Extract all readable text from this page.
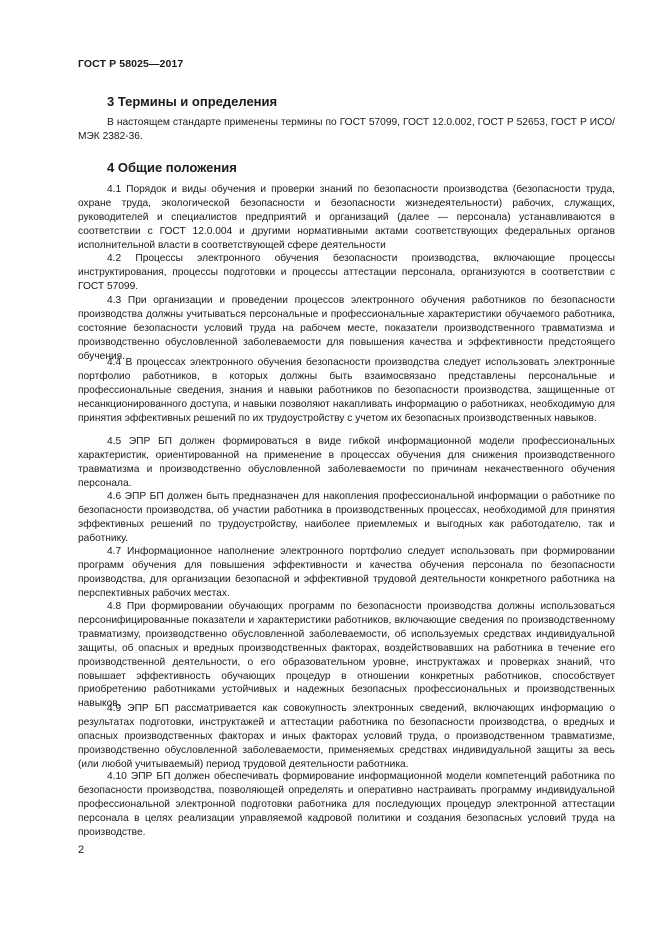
ГОСТ Р 58025—2017
3 Термины и определения
В настоящем стандарте применены термины по ГОСТ 57099, ГОСТ 12.0.002, ГОСТ Р 52653, ГОСТ Р ИСО/МЭК 2382-36.
4 Общие положения
4.1 Порядок и виды обучения и проверки знаний по безопасности производства (безопасности труда, охране труда, экологической безопасности и безопасности жизнедеятельности) рабочих, служащих, руководителей и специалистов предприятий и организаций (далее — персонала) устанавливаются в соответствии с ГОСТ 12.0.004 и другими нормативными актами соответствующих федеральных органов исполнительной власти в соответствующей сфере деятельности
4.2 Процессы электронного обучения безопасности производства, включающие процессы инструктирования, процессы подготовки и процессы аттестации персонала, организуются в соответствии с ГОСТ 57099.
4.3 При организации и проведении процессов электронного обучения работников по безопасности производства должны учитываться персональные и профессиональные характеристики обучаемого работника, состояние безопасности условий труда на рабочем месте, показатели производственного травматизма и производственно обусловленной заболеваемости для повышения качества и эффективности предстоящего обучения.
4.4 В процессах электронного обучения безопасности производства следует использовать электронные портфолио работников, в которых должны быть взаимосвязано представлены персональные и профессиональные сведения, знания и навыки работников по безопасности производства, защищенные от несанкционированного доступа, и навыки позволяют накапливать информацию о работниках, необходимую для принятия эффективных решений по их трудоустройству с учетом их безопасных производственных навыков.
4.5 ЭПР БП должен формироваться в виде гибкой информационной модели профессиональных характеристик, ориентированной на применение в процессах обучения для снижения производственного травматизма и производственно обусловленной заболеваемости по причинам некачественного обучения персонала.
4.6 ЭПР БП должен быть предназначен для накопления профессиональной информации о работнике по безопасности производства, об участии работника в производственных процессах, необходимой для принятия эффективных решений по трудоустройству, наиболее приемлемых и выгодных как работодателю, так и работнику.
4.7 Информационное наполнение электронного портфолио следует использовать при формировании программ обучения для повышения эффективности и качества обучения персонала по безопасности производства, для организации безопасной и эффективной трудовой деятельности конкретного работника на перспективных рабочих местах.
4.8 При формировании обучающих программ по безопасности производства должны использоваться персонифицированные показатели и характеристики работников, включающие сведения по производственному травматизму, производственно обусловленной заболеваемости, об используемых средствах индивидуальной защиты, об опасных и вредных производственных факторах, воздействовавших на работника в течение его производственной деятельности, о его образовательном уровне, инструктажах и проверках знаний, что повышает эффективность обучающих процедур в отношении конкретных работников, способствует приобретению работниками устойчивых и надежных безопасных профессиональных и производственных навыков.
4.9 ЭПР БП рассматривается как совокупность электронных сведений, включающих информацию о результатах подготовки, инструктажей и аттестации работника по безопасности производства, о вредных и опасных производственных факторах и иных факторах условий труда, о производственном травматизме, производственно обусловленной заболеваемости, применяемых средствах индивидуальной защиты за весь (или любой учитываемый) период трудовой деятельности работника.
4.10 ЭПР БП должен обеспечивать формирование информационной модели компетенций работника по безопасности производства, позволяющей определять и оперативно настраивать программу индивидуальной профессиональной электронной подготовки работника для последующих процедур электронной аттестации персонала в целях реализации управляемой кадровой политики и создания безопасных условий труда на производстве.
2
